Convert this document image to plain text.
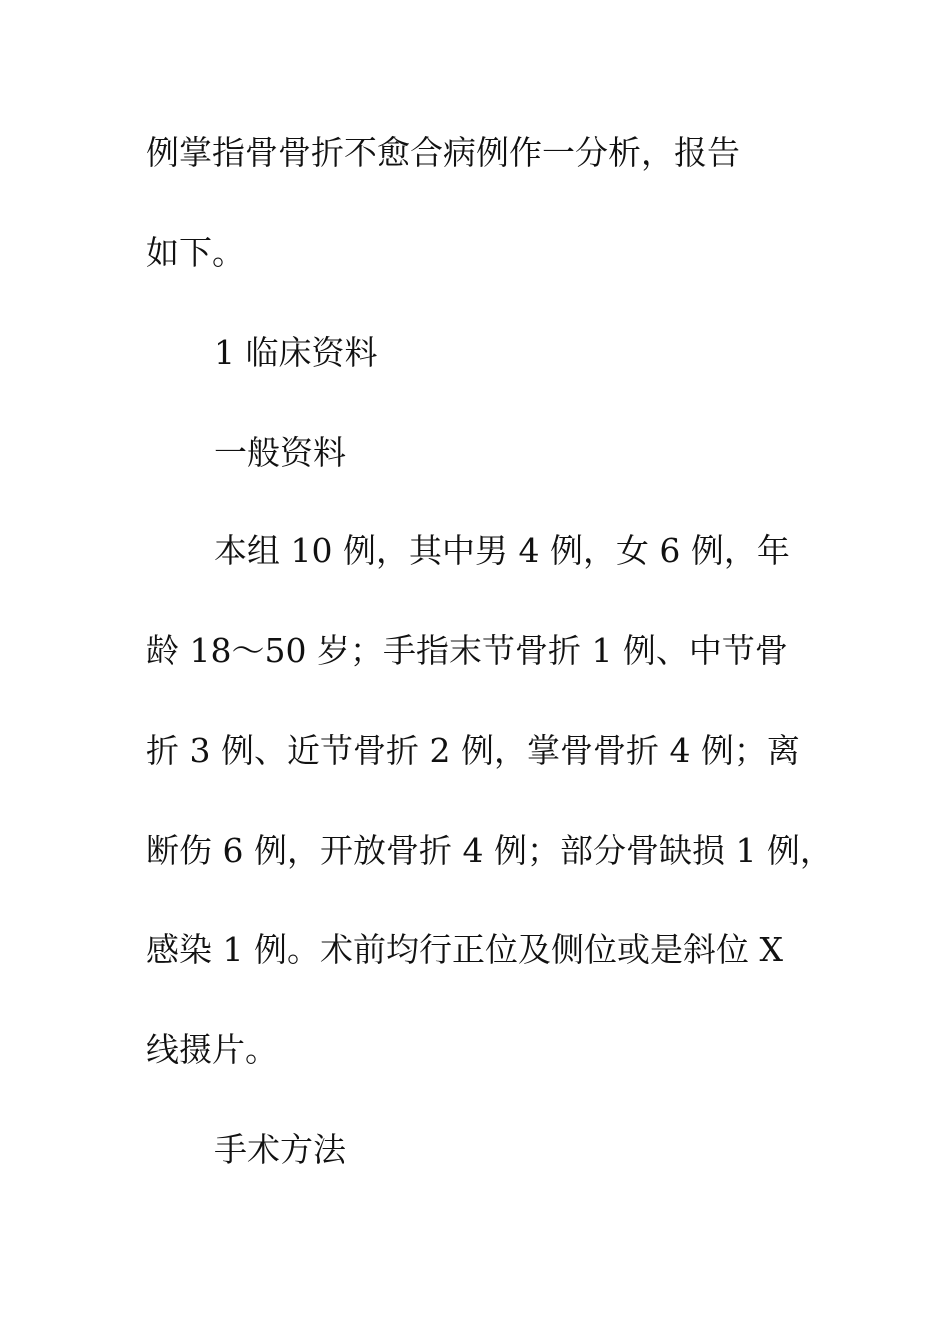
例掌指骨骨折不愈合病例作一分析，报告

如下。

1 临床资料

一般资料

本组 10 例，其中男 4 例，女 6 例，年

龄 18～50 岁；手指末节骨折 1 例、中节骨

折 3 例、近节骨折 2 例，掌骨骨折 4 例；离

断伤 6 例，开放骨折 4 例；部分骨缺损 1 例，

感染 1 例。术前均行正位及侧位或是斜位 X

线摄片。

手术方法
